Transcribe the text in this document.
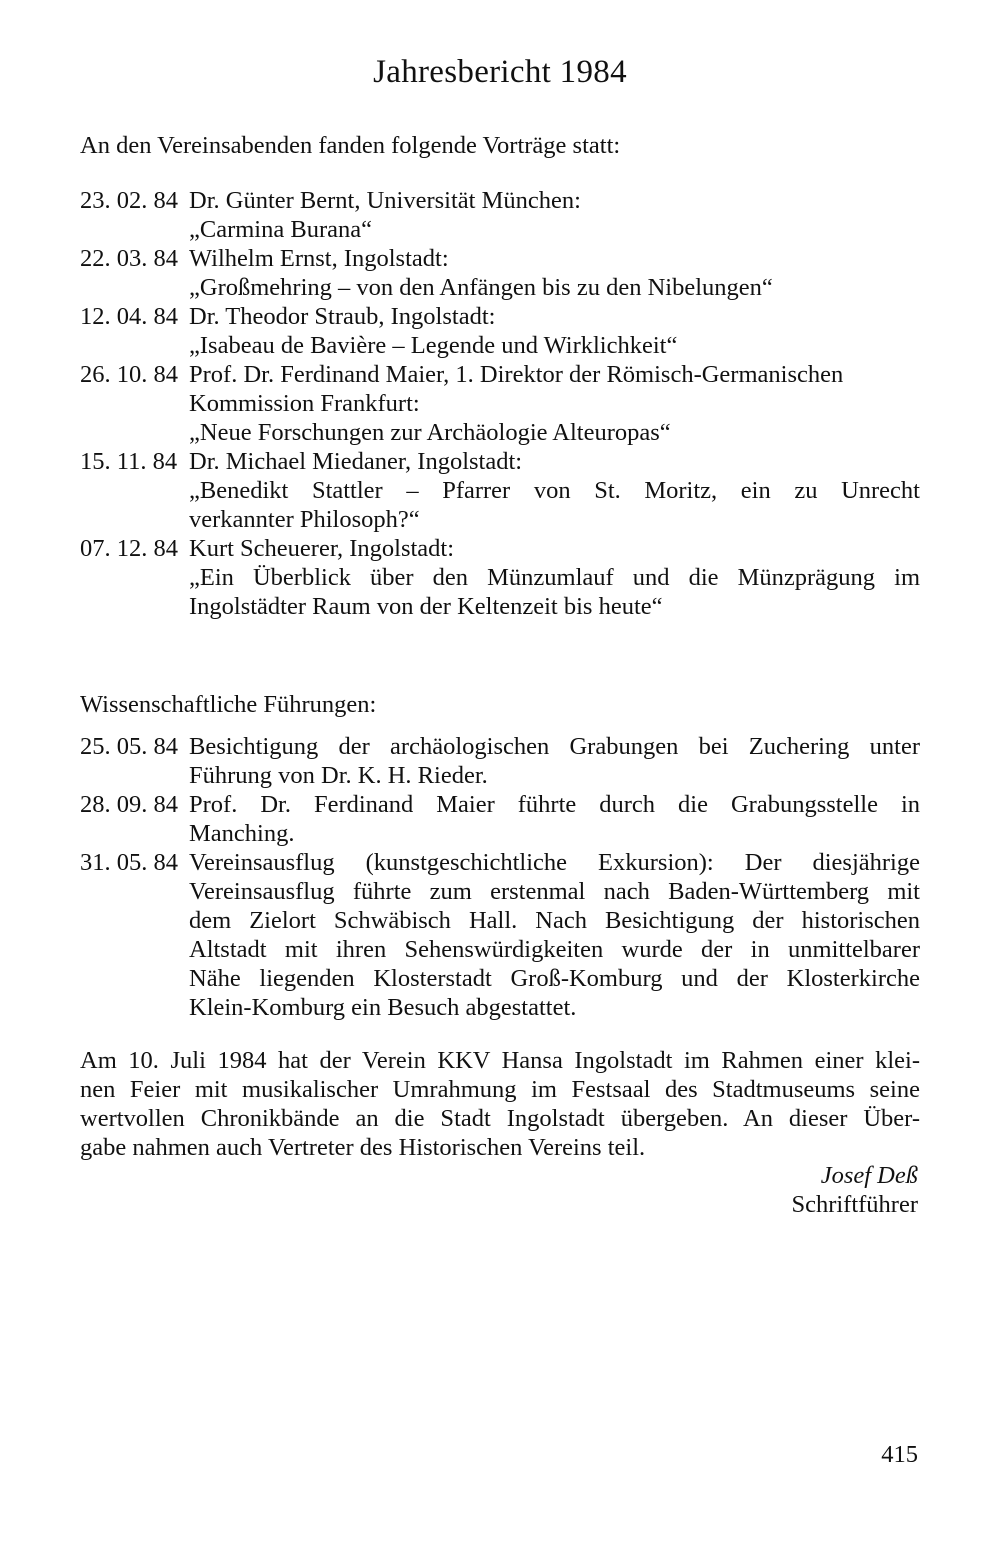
Jahresbericht 1984
An den Vereinsabenden fanden folgende Vorträge statt:
23. 02. 84 Dr. Günter Bernt, Universität München:
„Carmina Burana“
22. 03. 84 Wilhelm Ernst, Ingolstadt:
„Großmehring – von den Anfängen bis zu den Nibelungen“
12. 04. 84 Dr. Theodor Straub, Ingolstadt:
„Isabeau de Bavière – Legende und Wirklichkeit“
26. 10. 84 Prof. Dr. Ferdinand Maier, 1. Direktor der Römisch-Germanischen
Kommission Frankfurt:
„Neue Forschungen zur Archäologie Alteuropas“
15. 11. 84 Dr. Michael Miedaner, Ingolstadt:
„Benedikt Stattler – Pfarrer von St. Moritz, ein zu Unrecht
verkannter Philosoph?“
07. 12. 84 Kurt Scheuerer, Ingolstadt:
„Ein Überblick über den Münzumlauf und die Münzprägung im
Ingolstädter Raum von der Keltenzeit bis heute“
Wissenschaftliche Führungen:
25. 05. 84 Besichtigung der archäologischen Grabungen bei Zuchering unter
Führung von Dr. K. H. Rieder.
28. 09. 84 Prof. Dr. Ferdinand Maier führte durch die Grabungsstelle in
Manching.
31. 05. 84 Vereinsausflug (kunstgeschichtliche Exkursion): Der diesjährige
Vereinsausflug führte zum erstenmal nach Baden-Württemberg mit
dem Zielort Schwäbisch Hall. Nach Besichtigung der historischen
Altstadt mit ihren Sehenswürdigkeiten wurde der in unmittelbarer
Nähe liegenden Klosterstadt Groß-Komburg und der Klosterkirche
Klein-Komburg ein Besuch abgestattet.
Am 10. Juli 1984 hat der Verein KKV Hansa Ingolstadt im Rahmen einer klei-
nen Feier mit musikalischer Umrahmung im Festsaal des Stadtmuseums seine
wertvollen Chronikbände an die Stadt Ingolstadt übergeben. An dieser Über-
gabe nahmen auch Vertreter des Historischen Vereins teil.
Josef Deß
Schriftführer
415
